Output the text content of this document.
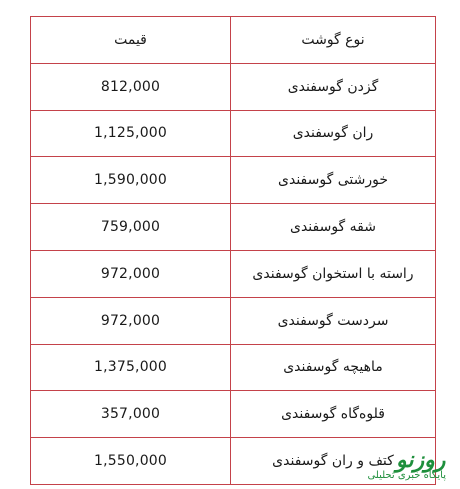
نوع گوشت	قیمت
گزدن گوسفندی	812,000
ران گوسفندی	1,125,000
خورشتی گوسفندی	1,590,000
شقه گوسفندی	759,000
راسته با استخوان گوسفندی	972,000
سردست گوسفندی	972,000
ماهیچه گوسفندی	1,375,000
قلوه‌گاه گوسفندی	357,000
کتف و ران گوسفندی	1,550,000	روزنو
پایگاه خبری تحلیلی
